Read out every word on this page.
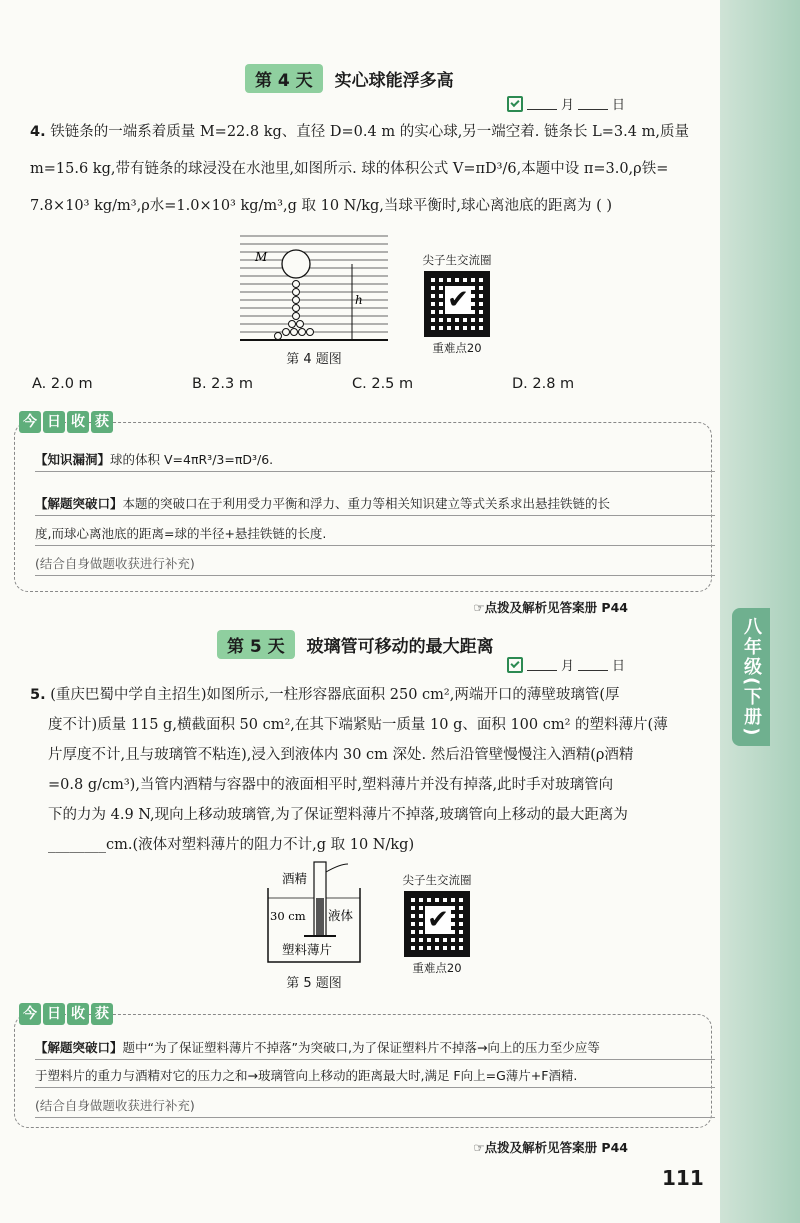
第 4 天	实心球能浮多高
月	日
4. 铁链条的一端系着质量 M=22.8 kg、直径 D=0.4 m 的实心球,另一端空着. 链条长 L=3.4 m,质量
m=15.6 kg,带有链条的球浸没在水池里,如图所示. 球的体积公式 V=πD³/6,本题中设 π=3.0,ρ铁=
7.8×10³ kg/m³,ρ水=1.0×10³ kg/m³,g 取 10 N/kg,当球平衡时,球心离池底的距离为 ( )
M
h
第 4 题图
尖子生交流圈
✔
重难点20
A. 2.0 m	B. 2.3 m	C. 2.5 m	D. 2.8 m
今 日 收 获
【知识漏洞】球的体积 V=4πR³/3=πD³/6.
【解题突破口】本题的突破口在于利用受力平衡和浮力、重力等相关知识建立等式关系求出悬挂铁链的长
度,而球心离池底的距离=球的半径+悬挂铁链的长度.
(结合自身做题收获进行补充)
☞点拨及解析见答案册 P44
第 5 天	玻璃管可移动的最大距离
月	日
5. (重庆巴蜀中学自主招生)如图所示,一柱形容器底面积 250 cm²,两端开口的薄壁玻璃管(厚
度不计)质量 115 g,横截面积 50 cm²,在其下端紧贴一质量 10 g、面积 100 cm² 的塑料薄片(薄
片厚度不计,且与玻璃管不粘连),浸入到液体内 30 cm 深处. 然后沿管壁慢慢注入酒精(ρ酒精
=0.8 g/cm³),当管内酒精与容器中的液面相平时,塑料薄片并没有掉落,此时手对玻璃管向
下的力为 4.9 N,现向上移动玻璃管,为了保证塑料薄片不掉落,玻璃管向上移动的最大距离为
________cm.(液体对塑料薄片的阻力不计,g 取 10 N/kg)
酒精
30 cm 液体
塑料薄片
第 5 题图
尖子生交流圈
✔
重难点20
今 日 收 获
【解题突破口】题中“为了保证塑料薄片不掉落”为突破口,为了保证塑料片不掉落→向上的压力至少应等
于塑料片的重力与酒精对它的压力之和→玻璃管向上移动的距离最大时,满足 F向上=G薄片+F酒精.
(结合自身做题收获进行补充)
☞点拨及解析见答案册 P44
111
八年级(下册)
